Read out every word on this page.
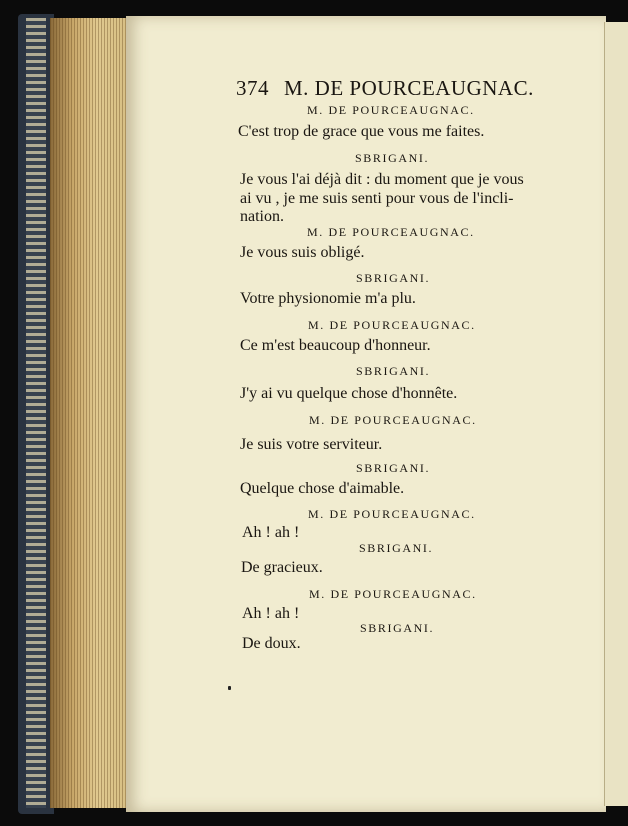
374 M. DE POURCEAUGNAC.
M. DE POURCEAUGNAC.
C'est trop de grace que vous me faites.
SBRIGANI.
Je vous l'ai déjà dit : du moment que je vous
ai vu , je me suis senti pour vous de l'incli-
nation.
M. DE POURCEAUGNAC.
Je vous suis obligé.
SBRIGANI.
Votre physionomie m'a plu.
M. DE POURCEAUGNAC.
Ce m'est beaucoup d'honneur.
SBRIGANI.
J'y ai vu quelque chose d'honnête.
M. DE POURCEAUGNAC.
Je suis votre serviteur.
SBRIGANI.
Quelque chose d'aimable.
M. DE POURCEAUGNAC.
Ah ! ah !
SBRIGANI.
De gracieux.
M. DE POURCEAUGNAC.
Ah ! ah !
SBRIGANI.
De doux.
